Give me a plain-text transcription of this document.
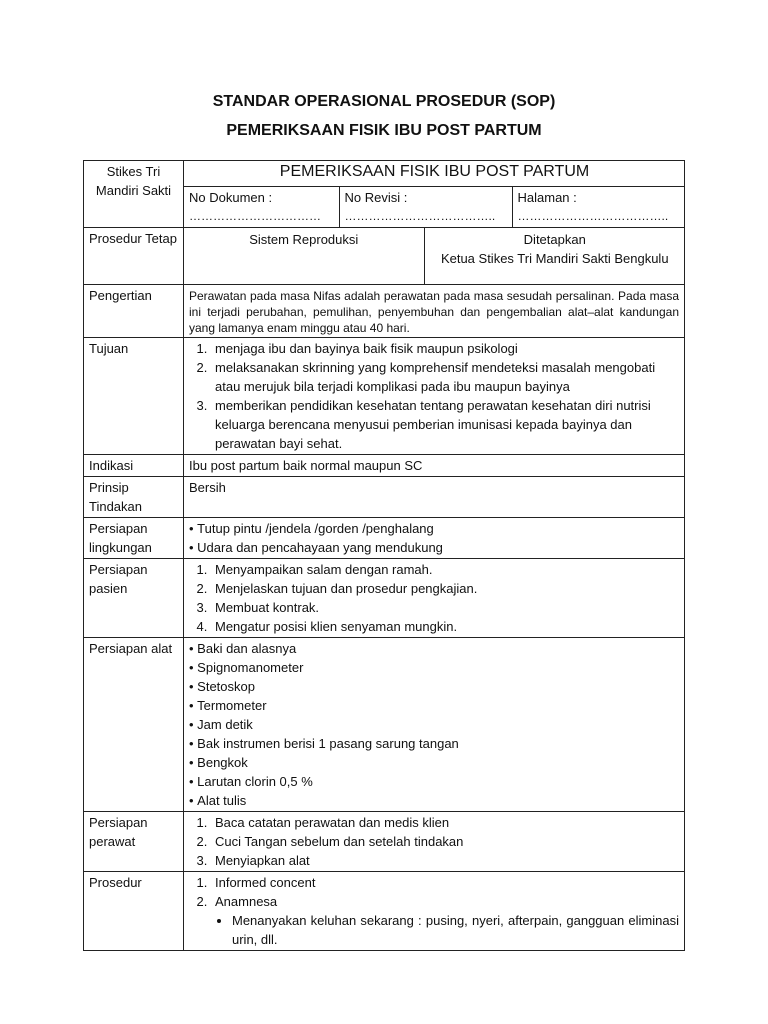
STANDAR OPERASIONAL PROSEDUR (SOP)
PEMERIKSAAN FISIK IBU POST PARTUM
Stikes Tri Mandiri Sakti	
PEMERIKSAAN FISIK IBU POST PARTUM

No Dokumen :
……………………………

No Revisi :
………………………………..

Halaman :
………………………………..

Prosedur Tetap		Sistem Reproduksi	Ditetapkan
Ketua Stikes Tri Mandiri Sakti Bengkulu

Pengertian	Perawatan pada masa Nifas adalah perawatan pada masa sesudah persalinan. Pada masa ini terjadi perubahan, pemulihan, penyembuhan dan pengembalian alat–alat kandungan yang lamanya enam minggu atau 40 hari.
Tujuan	
1.menjaga ibu dan bayinya baik fisik maupun psikologi
2. melaksanakan skrinning yang komprehensif mendeteksi masalah mengobati atau merujuk bila terjadi komplikasi pada ibu maupun bayinya
3. memberikan pendidikan kesehatan tentang perawatan kesehatan diri nutrisi keluarga berencana menyusui pemberian imunisasi kepada bayinya dan perawatan bayi sehat.

Indikasi	Ibu post partum baik normal maupun SC
Prinsip Tindakan	Bersih
Persiapan lingkungan	
• Tutup pintu /jendela /gorden /penghalang
• Udara dan pencahayaan yang mendukung

Persiapan pasien	
1. Menyampaikan salam dengan ramah.
2. Menjelaskan tujuan dan prosedur pengkajian.
3. Membuat kontrak.
4. Mengatur posisi klien senyaman mungkin.

Persiapan alat	
•Baki dan alasnya
• Spignomanometer
• Stetoskop
• Termometer
• Jam detik
• Bak instrumen berisi 1 pasang sarung tangan
• Bengkok
• Larutan clorin 0,5 %
• Alat tulis

Persiapan perawat	
1. Baca catatan perawatan dan medis klien
2. Cuci Tangan sebelum dan setelah tindakan
3. Menyiapkan alat

Prosedur	
1.Informed concent
2. Anamnesa
• Menanyakan keluhan sekarang : pusing, nyeri, afterpain, gangguan eliminasi urin, dll.
